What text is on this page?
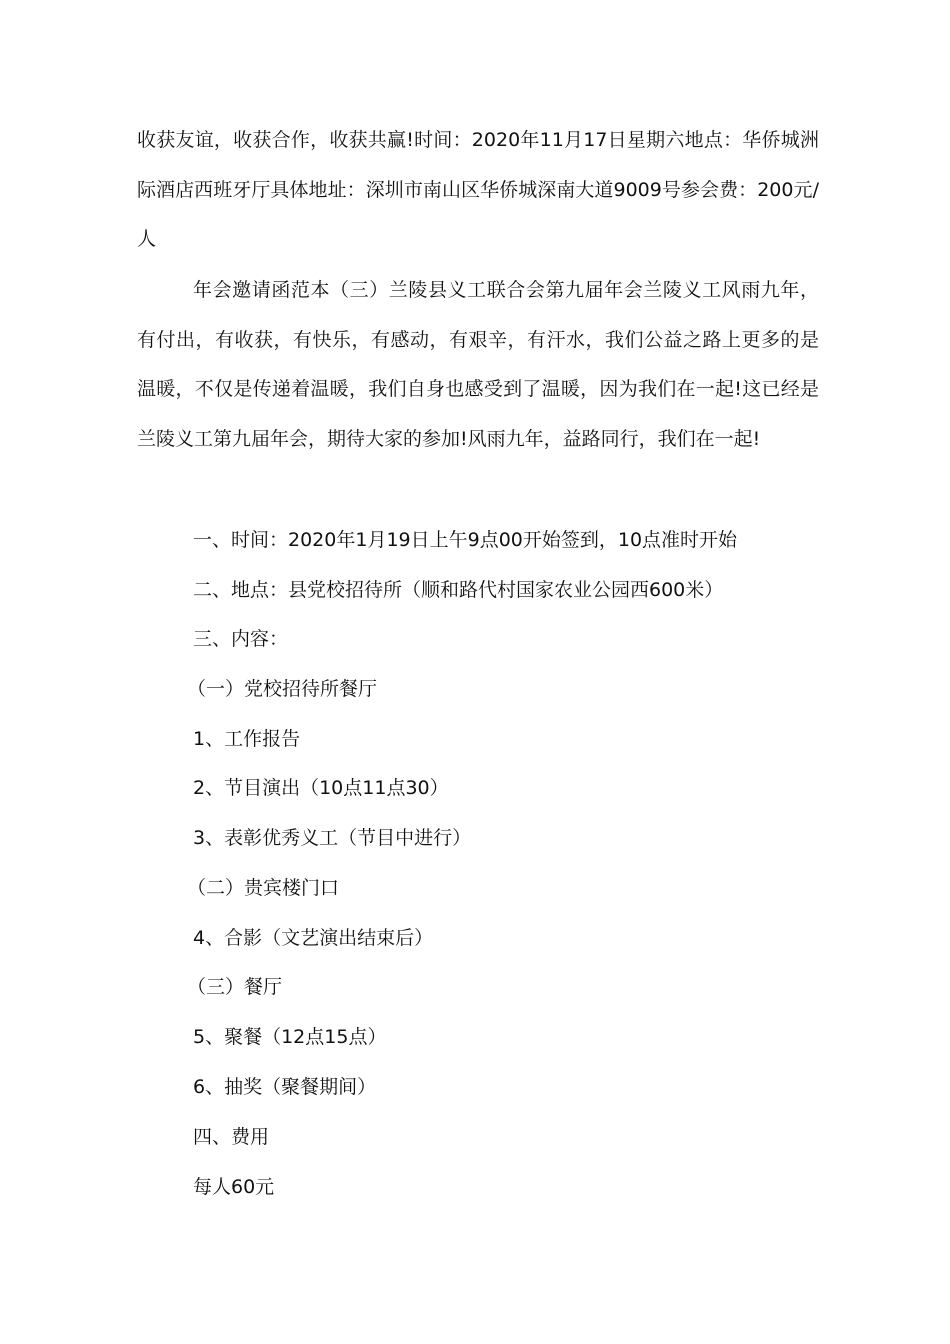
收获友谊，收获合作，收获共赢!时间：2020年11月17日星期六地点：华侨城洲际酒店西班牙厅具体地址：深圳市南山区华侨城深南大道9009号参会费：200元/人

年会邀请函范本（三）兰陵县义工联合会第九届年会兰陵义工风雨九年，有付出，有收获，有快乐，有感动，有艰辛，有汗水，我们公益之路上更多的是温暖，不仅是传递着温暖，我们自身也感受到了温暖，因为我们在一起!这已经是兰陵义工第九届年会，期待大家的参加!风雨九年，益路同行，我们在一起!

一、时间：2020年1月19日上午9点00开始签到，10点准时开始

二、地点：县党校招待所（顺和路代村国家农业公园西600米）

三、内容：

（一）党校招待所餐厅

1、工作报告

2、节目演出（10点11点30）

3、表彰优秀义工（节目中进行）

（二）贵宾楼门口

4、合影（文艺演出结束后）

（三）餐厅

5、聚餐（12点15点）

6、抽奖（聚餐期间）

四、费用

每人60元
